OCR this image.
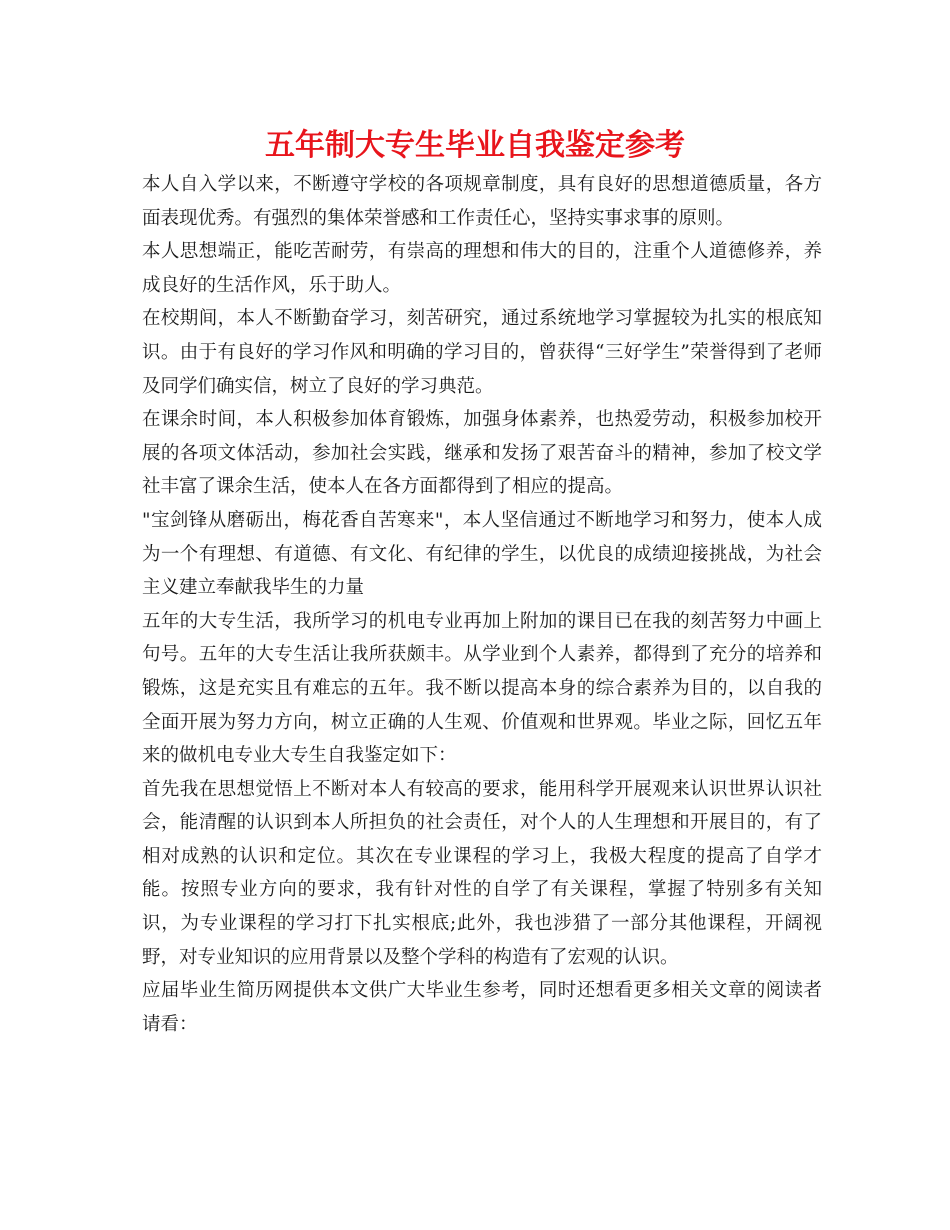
五年制大专生毕业自我鉴定参考

本人自入学以来，不断遵守学校的各项规章制度，具有良好的思想道德质量，各方面表现优秀。有强烈的集体荣誉感和工作责任心，坚持实事求事的原则。

本人思想端正，能吃苦耐劳，有崇高的理想和伟大的目的，注重个人道德修养，养成良好的生活作风，乐于助人。

在校期间，本人不断勤奋学习，刻苦研究，通过系统地学习掌握较为扎实的根底知识。由于有良好的学习作风和明确的学习目的，曾获得“三好学生”荣誉得到了老师及同学们确实信，树立了良好的学习典范。

在课余时间，本人积极参加体育锻炼，加强身体素养，也热爱劳动，积极参加校开展的各项文体活动，参加社会实践，继承和发扬了艰苦奋斗的精神，参加了校文学社丰富了课余生活，使本人在各方面都得到了相应的提高。

"宝剑锋从磨砺出，梅花香自苦寒来"，本人坚信通过不断地学习和努力，使本人成为一个有理想、有道德、有文化、有纪律的学生，以优良的成绩迎接挑战，为社会主义建立奉献我毕生的力量

五年的大专生活，我所学习的机电专业再加上附加的课目已在我的刻苦努力中画上句号。五年的大专生活让我所获颇丰。从学业到个人素养，都得到了充分的培养和锻炼，这是充实且有难忘的五年。我不断以提高本身的综合素养为目的，以自我的全面开展为努力方向，树立正确的人生观、价值观和世界观。毕业之际，回忆五年来的做机电专业大专生自我鉴定如下：

首先我在思想觉悟上不断对本人有较高的要求，能用科学开展观来认识世界认识社会，能清醒的认识到本人所担负的社会责任，对个人的人生理想和开展目的，有了相对成熟的认识和定位。其次在专业课程的学习上，我极大程度的提高了自学才能。按照专业方向的要求，我有针对性的自学了有关课程，掌握了特别多有关知识，为专业课程的学习打下扎实根底;此外，我也涉猎了一部分其他课程，开阔视野，对专业知识的应用背景以及整个学科的构造有了宏观的认识。

应届毕业生简历网提供本文供广大毕业生参考，同时还想看更多相关文章的阅读者请看：
